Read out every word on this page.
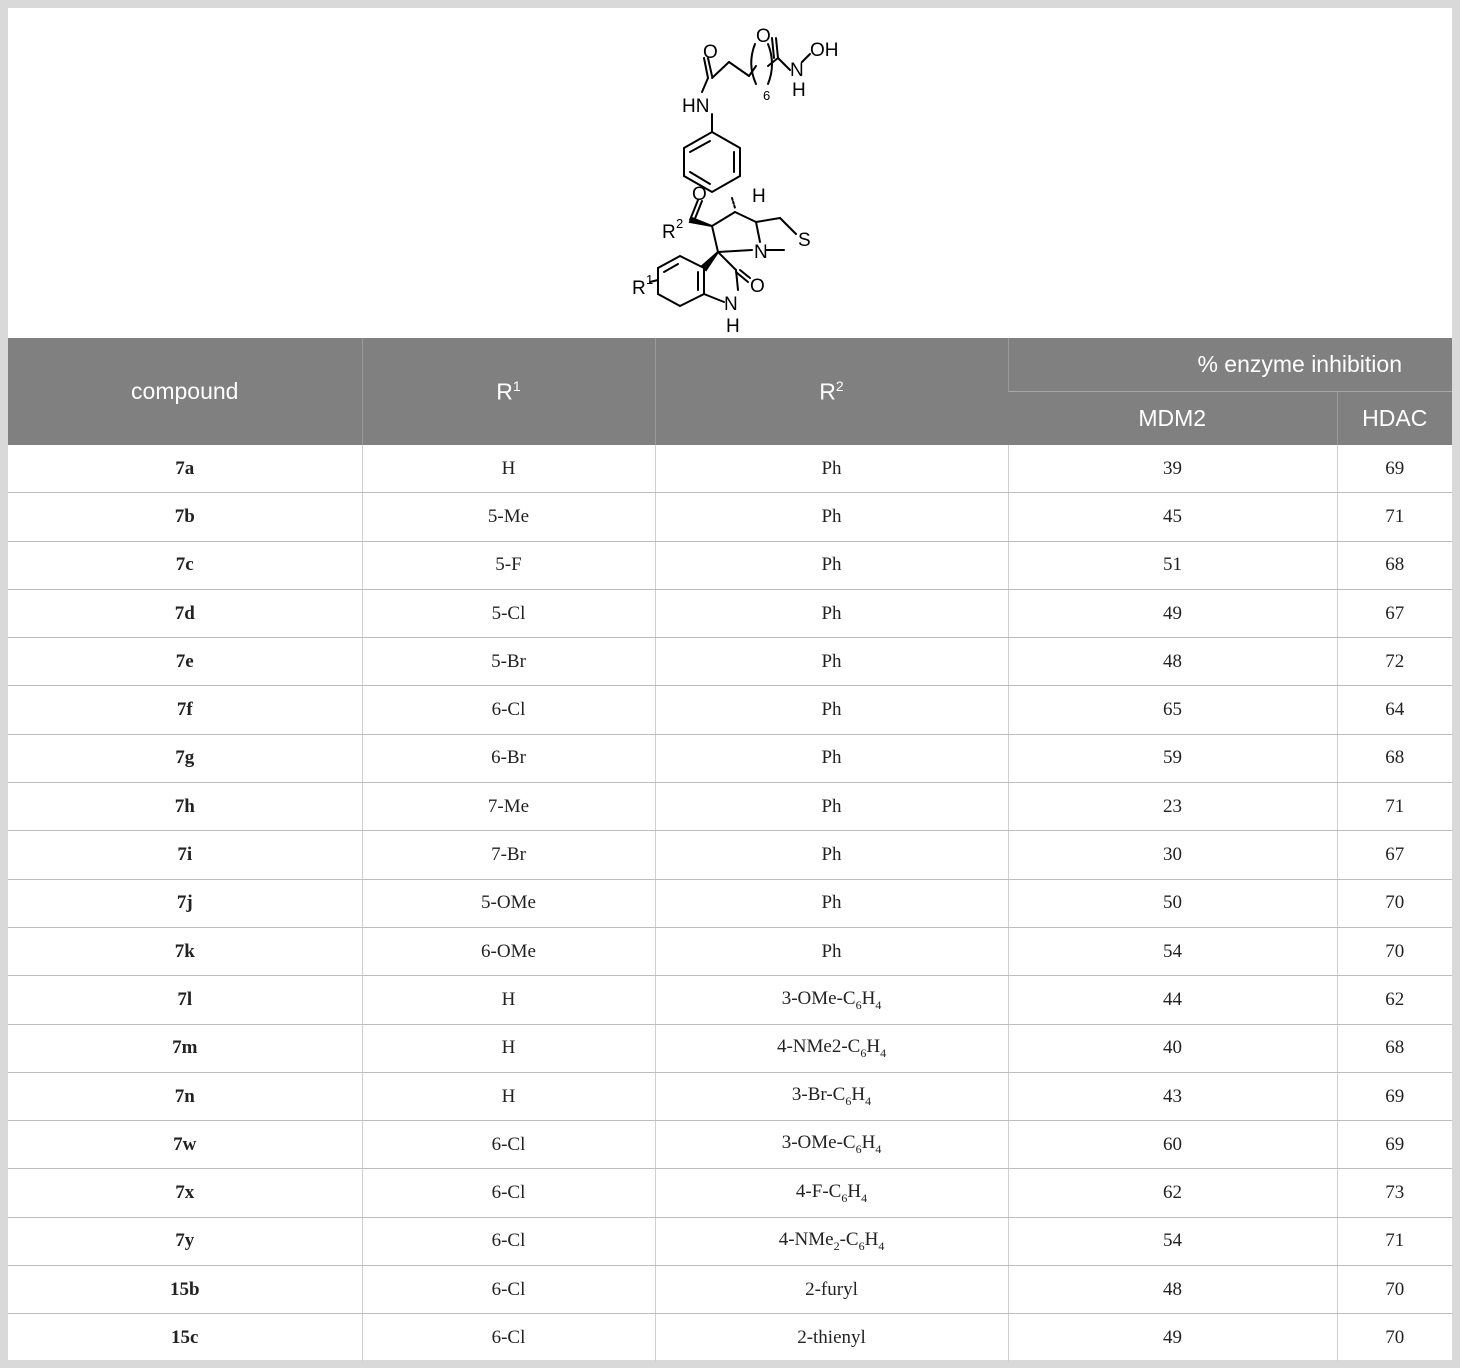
O
O
OH
N
H
6
HN
H
O
R 2
N
S
R 1	O
N
H
compound	$R^1$	$R^2$	% enzyme inhibition	
			MDM2	HDAC
7a	H	Ph	39	69
7b	5-Me	Ph	45	71
7c	5-F	Ph	51	68
7d	5-Cl	Ph	49	67
7e	5-Br	Ph	48	72
7f	6-Cl	Ph	65	64
7g	6-Br	Ph	59	68
7h	7-Me	Ph	23	71
7i	7-Br	Ph	30	67
7j	5-OMe	Ph	50	70
7k	6-OMe	Ph	54	70
7l	H	$3-OMe-C_6H_4$	44	62
7m	H	$4-NMe2-C_6H_4$	40	68
7n	H	$3-Br-C_6H_4$	43	69
7w	6-Cl	$3-OMe-C_6H_4$	60	69
7x	6-Cl	$4-F-C_6H_4$	62	73
7y	6-Cl	$4-NMe_2-C_6H_4$	54	71
15b	6-Cl	2-furyl	48	70
15c	6-Cl	2-thienyl	49	70
